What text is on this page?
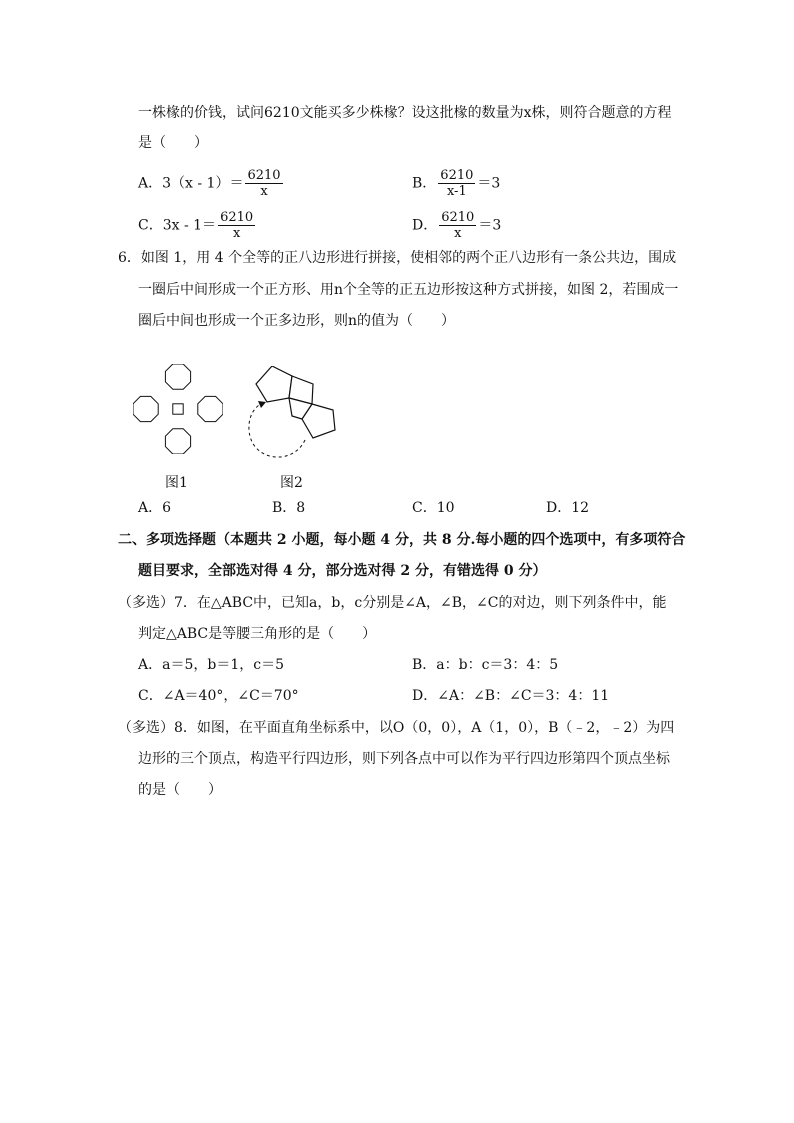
一株椽的价钱，试问6210文能买多少株椽？设这批椽的数量为x株，则符合题意的方程
是（　　）
A．$3(x - 1)= \frac{6210}{x}$	B． $\frac{6210}{x-1} =3$
C．$3x - 1= \frac{6210}{x}$	D． $\frac{6210}{x} =3$
6．如图 1，用 4 个全等的正八边形进行拼接，使相邻的两个正八边形有一条公共边，围成
一圈后中间形成一个正方形、用n个全等的正五边形按这种方式拼接，如图 2，若围成一
圈后中间也形成一个正多边形，则n的值为（　　）
图1	图2
A．6	B．8	C．10	D．12
二、多项选择题（本题共 2 小题，每小题 4 分，共 8 分.每小题的四个选项中，有多项符合
题目要求，全部选对得 4 分，部分选对得 2 分，有错选得 0 分）
（多选）7．在△ABC中，已知a，b，c分别是∠A，∠B，∠C的对边，则下列条件中，能
判定△ABC是等腰三角形的是（　　）
A．a＝5，b＝1，c＝5	B．a：b：c＝3：4：5
C．∠A＝40°，∠C＝70°	D．∠A：∠B：∠C＝3：4：11
（多选）8．如图，在平面直角坐标系中，以O（0，0），A（1，0），B（﹣2，﹣2）为四
边形的三个顶点，构造平行四边形，则下列各点中可以作为平行四边形第四个顶点坐标
的是（　　）
